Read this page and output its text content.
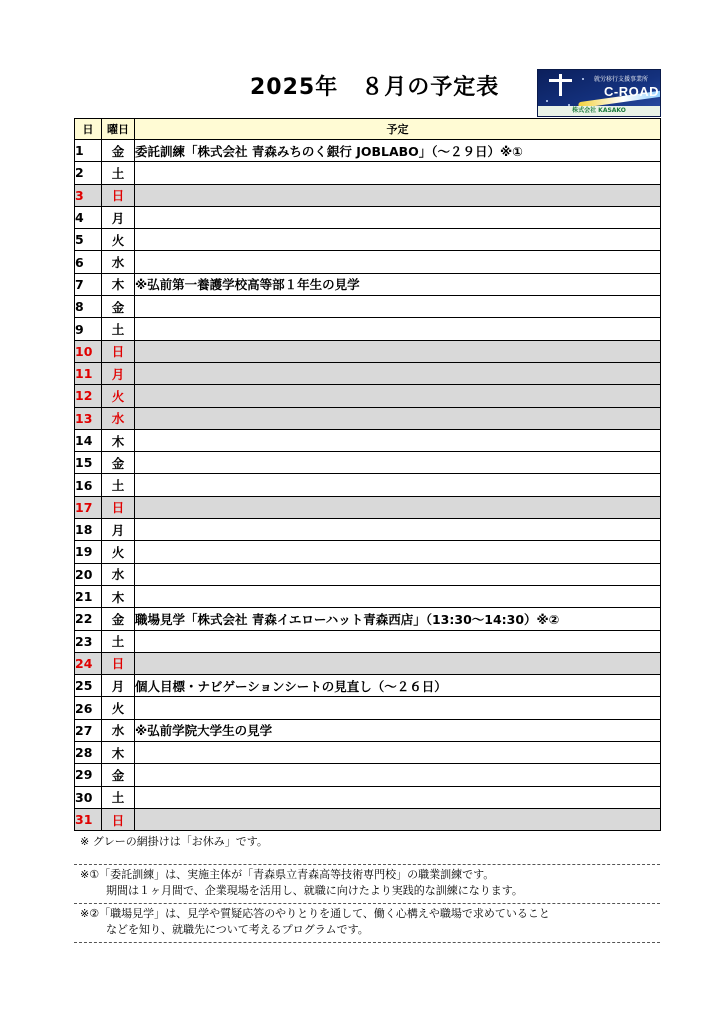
2025年　８月の予定表	就労移行支援事業所
C-ROAD
株式会社 KASAKO
日	曜日	予定
1	金	委託訓練「株式会社 青森みちのく銀行 JOBLABO」（～２９日）※①
2	土	
3	日	
4	月	
5	火	
6	水	
7	木	※弘前第一養護学校高等部１年生の見学
8	金	
9	土	
10	日	
11	月	
12	火	
13	水	
14	木	
15	金	
16	土	
17	日	
18	月	
19	火	
20	水	
21	木	
22	金	職場見学「株式会社 青森イエローハット青森西店」（13:30～14:30）※②
23	土	
24	日	
25	月	個人目標・ナビゲーションシートの見直し（～２６日）
26	火	
27	水	※弘前学院大学生の見学
28	木	
29	金	
30	土	
31	日	
※ グレーの網掛けは「お休み」です。
※①「委託訓練」は、実施主体が「青森県立青森高等技術専門校」の職業訓練です。
期間は１ヶ月間で、企業現場を活用し、就職に向けたより実践的な訓練になります。
※②「職場見学」は、見学や質疑応答のやりとりを通して、働く心構えや職場で求めていること
などを知り、就職先について考えるプログラムです。
